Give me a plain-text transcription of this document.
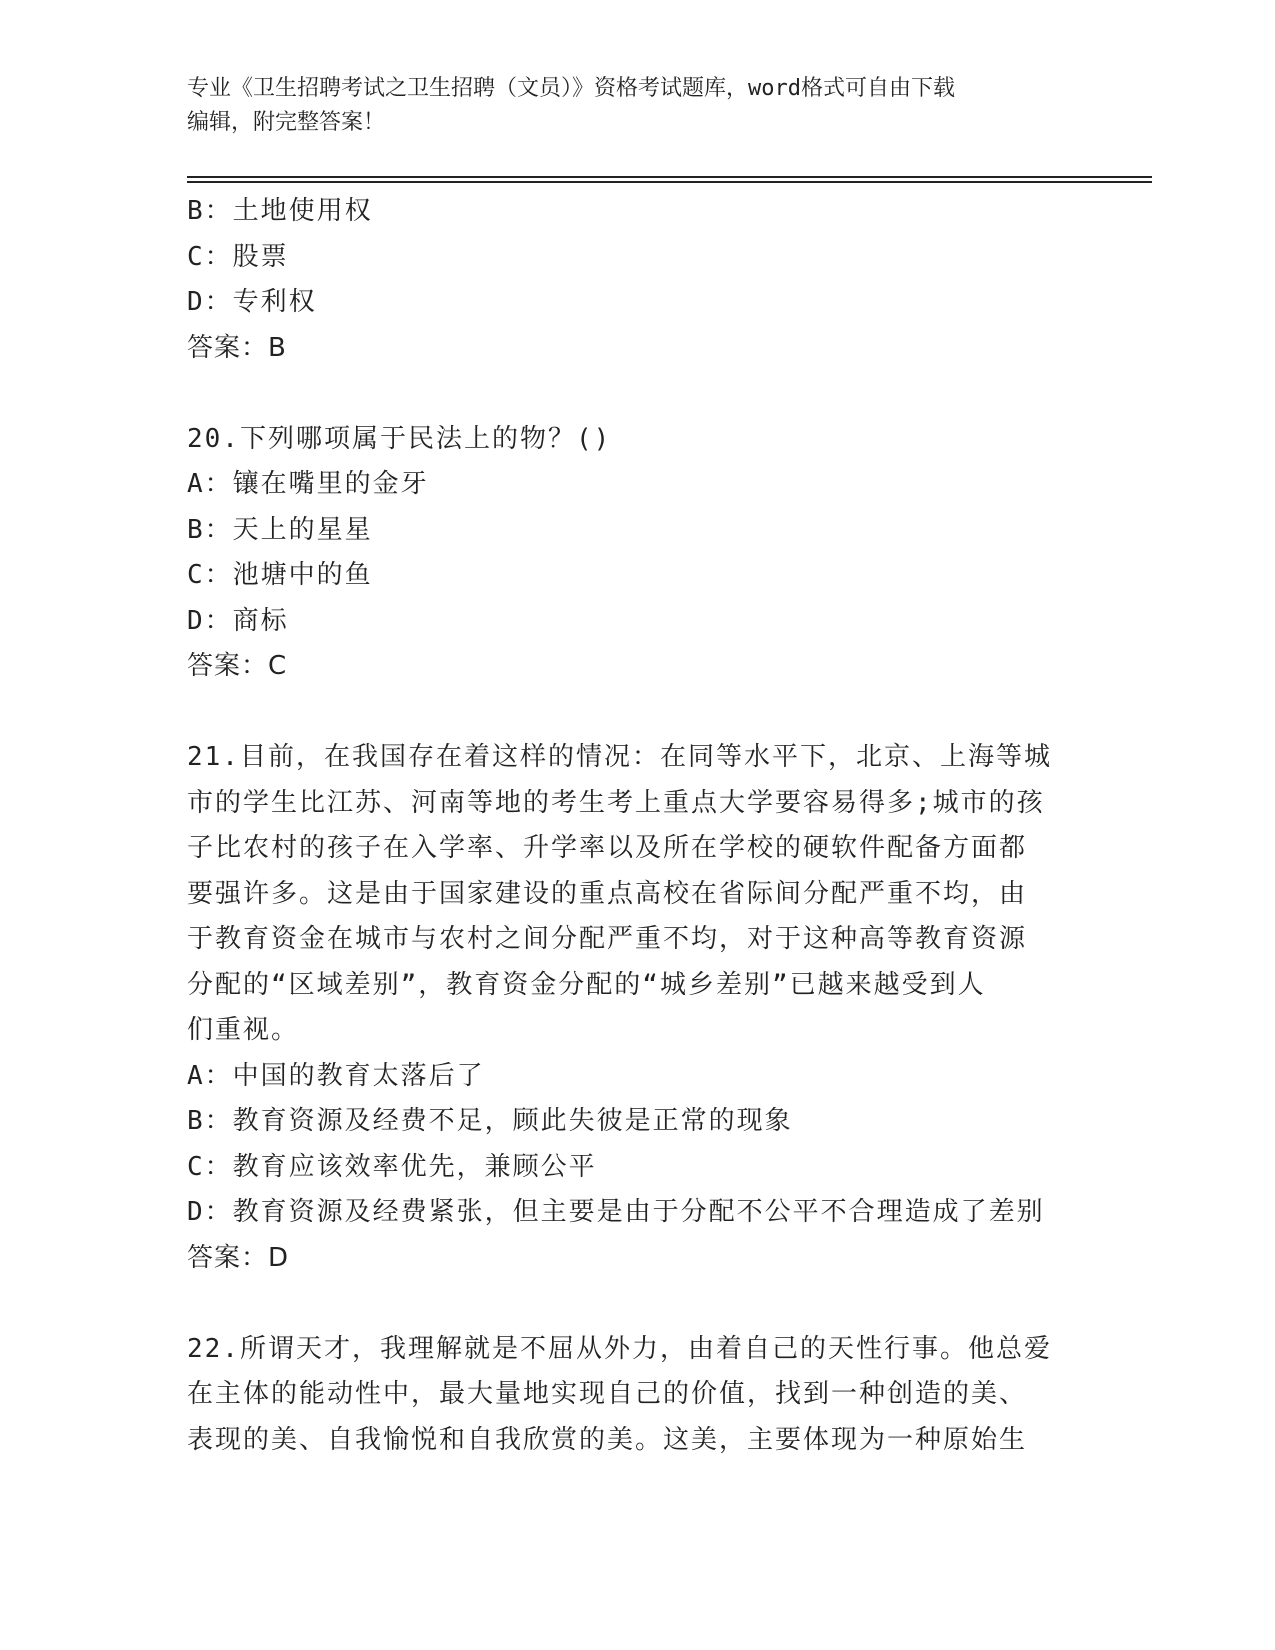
专业《卫生招聘考试之卫生招聘（文员）》资格考试题库，word格式可自由下载
编辑，附完整答案！
B：土地使用权
C：股票
D：专利权
答案：B
20.下列哪项属于民法上的物？()
A：镶在嘴里的金牙
B：天上的星星
C：池塘中的鱼
D：商标
答案：C
21.目前，在我国存在着这样的情况：在同等水平下，北京、上海等城
市的学生比江苏、河南等地的考生考上重点大学要容易得多;城市的孩
子比农村的孩子在入学率、升学率以及所在学校的硬软件配备方面都
要强许多。这是由于国家建设的重点高校在省际间分配严重不均，由
于教育资金在城市与农村之间分配严重不均，对于这种高等教育资源
分配的“区域差别”，教育资金分配的“城乡差别”已越来越受到人
们重视。
A：中国的教育太落后了
B：教育资源及经费不足，顾此失彼是正常的现象
C：教育应该效率优先，兼顾公平
D：教育资源及经费紧张，但主要是由于分配不公平不合理造成了差别
答案：D
22.所谓天才，我理解就是不屈从外力，由着自己的天性行事。他总爱
在主体的能动性中，最大量地实现自己的价值，找到一种创造的美、
表现的美、自我愉悦和自我欣赏的美。这美，主要体现为一种原始生
